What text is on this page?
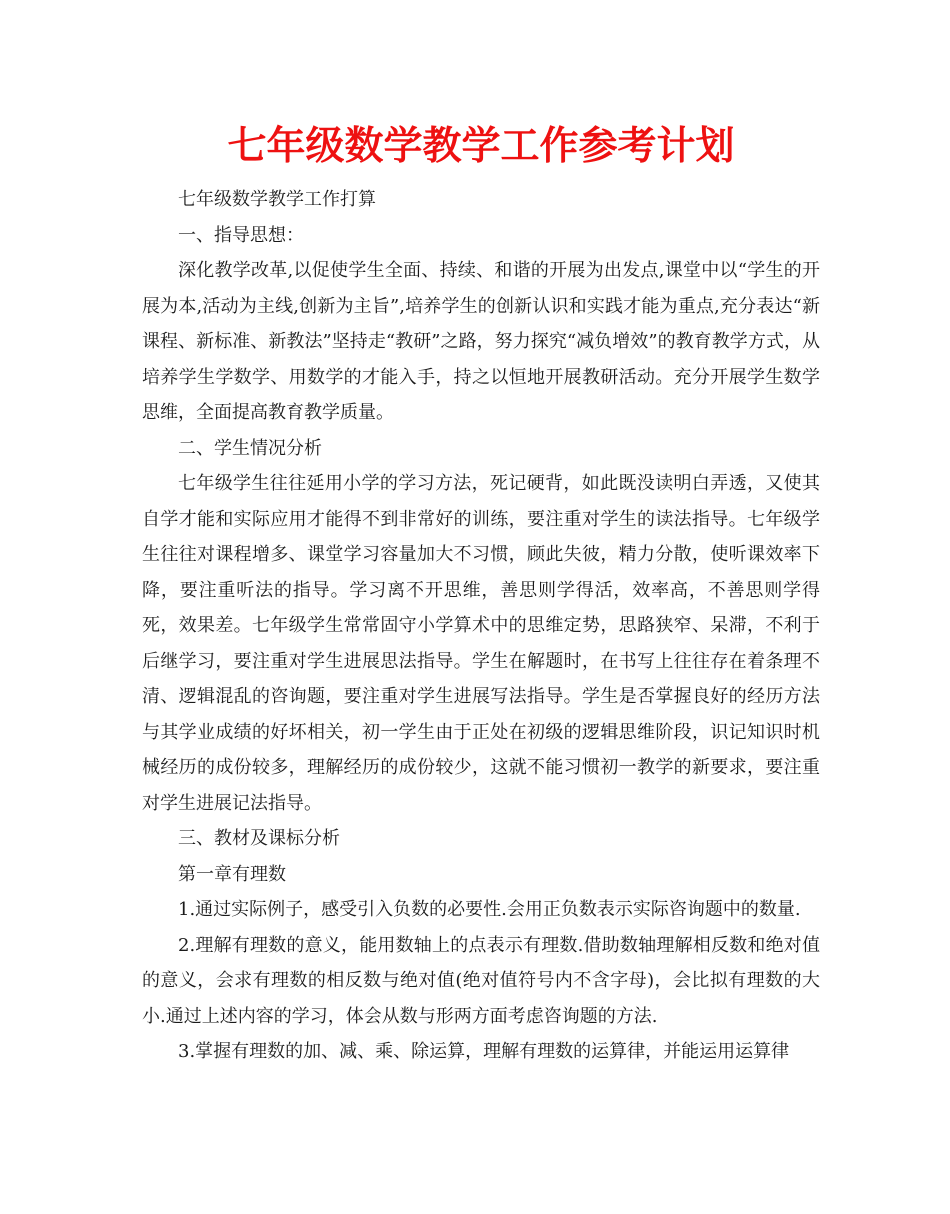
七年级数学教学工作参考计划

七年级数学教学工作打算

一、指导思想：

深化教学改革,以促使学生全面、持续、和谐的开展为出发点,课堂中以“学生的开展为本,活动为主线,创新为主旨”,培养学生的创新认识和实践才能为重点,充分表达“新课程、新标准、新教法”坚持走“教研”之路，努力探究“减负增效”的教育教学方式，从培养学生学数学、用数学的才能入手，持之以恒地开展教研活动。充分开展学生数学思维，全面提高教育教学质量。

二、学生情况分析

七年级学生往往延用小学的学习方法，死记硬背，如此既没读明白弄透，又使其自学才能和实际应用才能得不到非常好的训练，要注重对学生的读法指导。七年级学生往往对课程增多、课堂学习容量加大不习惯，顾此失彼，精力分散，使听课效率下降，要注重听法的指导。学习离不开思维，善思则学得活，效率高，不善思则学得死，效果差。七年级学生常常固守小学算术中的思维定势，思路狭窄、呆滞，不利于后继学习，要注重对学生进展思法指导。学生在解题时，在书写上往往存在着条理不清、逻辑混乱的咨询题，要注重对学生进展写法指导。学生是否掌握良好的经历方法与其学业成绩的好坏相关，初一学生由于正处在初级的逻辑思维阶段，识记知识时机械经历的成份较多，理解经历的成份较少，这就不能习惯初一教学的新要求，要注重对学生进展记法指导。

三、教材及课标分析

第一章有理数

1.通过实际例子，感受引入负数的必要性.会用正负数表示实际咨询题中的数量.

2.理解有理数的意义，能用数轴上的点表示有理数.借助数轴理解相反数和绝对值的意义，会求有理数的相反数与绝对值(绝对值符号内不含字母)，会比拟有理数的大小.通过上述内容的学习，体会从数与形两方面考虑咨询题的方法.

3.掌握有理数的加、减、乘、除运算，理解有理数的运算律，并能运用运算律
